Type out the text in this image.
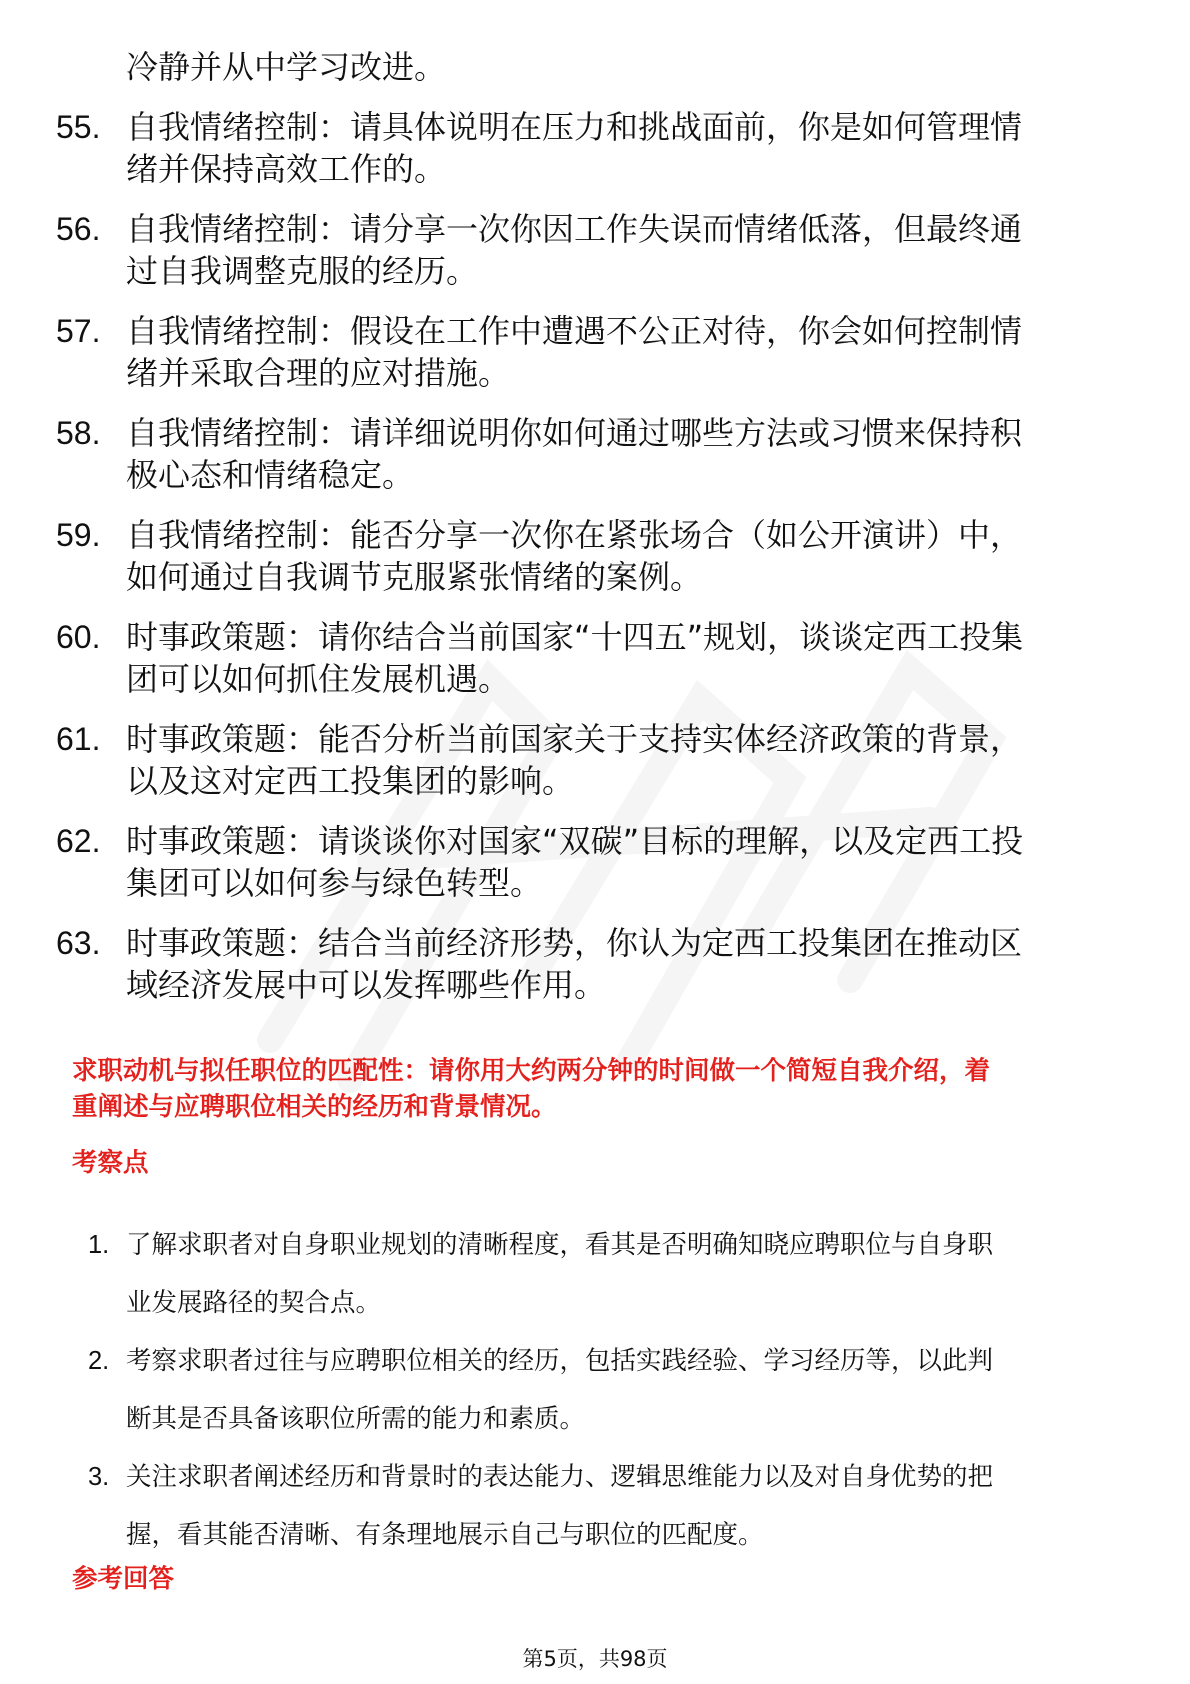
冷静并从中学习改进。
55. 自我情绪控制：请具体说明在压力和挑战面前，你是如何管理情
绪并保持高效工作的。
56. 自我情绪控制：请分享一次你因工作失误而情绪低落，但最终通
过自我调整克服的经历。
57. 自我情绪控制：假设在工作中遭遇不公正对待，你会如何控制情
绪并采取合理的应对措施。
58. 自我情绪控制：请详细说明你如何通过哪些方法或习惯来保持积
极心态和情绪稳定。
59. 自我情绪控制：能否分享一次你在紧张场合（如公开演讲）中，
如何通过自我调节克服紧张情绪的案例。
60. 时事政策题：请你结合当前国家“十四五”规划，谈谈定西工投集
团可以如何抓住发展机遇。
61. 时事政策题：能否分析当前国家关于支持实体经济政策的背景，
以及这对定西工投集团的影响。
62. 时事政策题：请谈谈你对国家“双碳”目标的理解，以及定西工投
集团可以如何参与绿色转型。
63. 时事政策题：结合当前经济形势，你认为定西工投集团在推动区
域经济发展中可以发挥哪些作用。
求职动机与拟任职位的匹配性：请你用大约两分钟的时间做一个简短自我介绍，着
重阐述与应聘职位相关的经历和背景情况。
考察点
1. 了解求职者对自身职业规划的清晰程度，看其是否明确知晓应聘职位与自身职
业发展路径的契合点。
2. 考察求职者过往与应聘职位相关的经历，包括实践经验、学习经历等，以此判
断其是否具备该职位所需的能力和素质。
3. 关注求职者阐述经历和背景时的表达能力、逻辑思维能力以及对自身优势的把
握，看其能否清晰、有条理地展示自己与职位的匹配度。
参考回答
第5页，共98页
